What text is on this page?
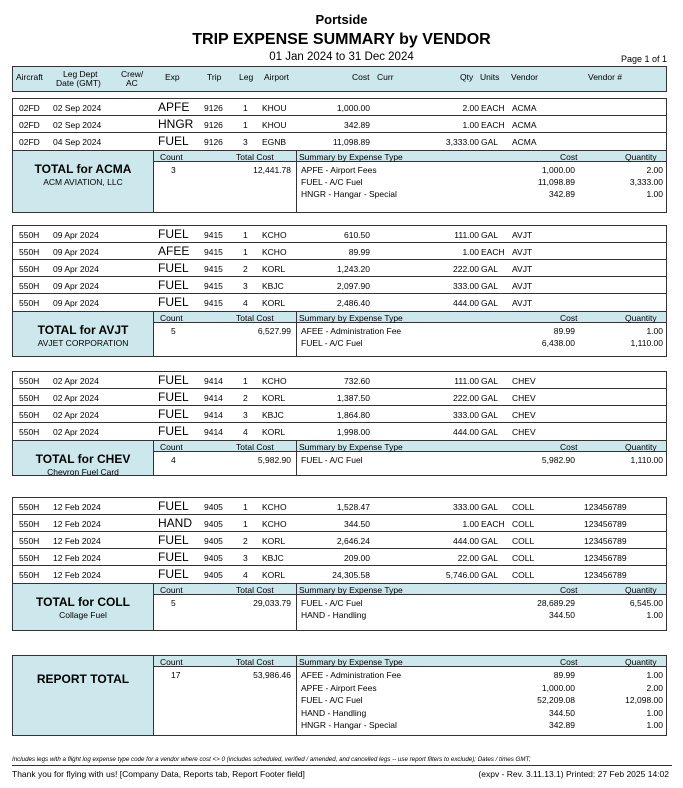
Portside
TRIP EXPENSE SUMMARY by VENDOR
01 Jan 2024 to 31 Dec 2024	Page 1 of 1
Aircraft Leg Dept
Date (GMT)
Crew/
AC
Exp	Trip Leg Airport	Cost Curr	Qty Units Vendor	Vendor #
02FD 02 Sep 2024	APFE 9126 1 KHOU	1,000.00	2.00 EACH ACMA
02FD 02 Sep 2024	HNGR 9126 1 KHOU	342.89	1.00 EACH ACMA
02FD 04 Sep 2024	FUEL 9126 3 EGNB	11,098.89	3,333.00 GAL ACMA
TOTAL for ACMA
ACM AVIATION, LLC
Count	Total Cost	Summary by Expense Type	Cost	Quantity
3	12,441.78 APFE - Airport Fees	1,000.00	2.00
FUEL - A/C Fuel	11,098.89	3,333.00
HNGR - Hangar - Special	342.89	1.00
550H 09 Apr 2024	FUEL 9415 1 KCHO	610.50	111.00 GAL AVJT
550H 09 Apr 2024	AFEE 9415 1 KCHO	89.99	1.00 EACH AVJT
550H 09 Apr 2024	FUEL 9415 2 KORL	1,243.20	222.00 GAL AVJT
550H 09 Apr 2024	FUEL 9415 3 KBJC	2,097.90	333.00 GAL AVJT
550H 09 Apr 2024	FUEL 9415 4 KORL	2,486.40	444.00 GAL AVJT
TOTAL for AVJT
AVJET CORPORATION
Count	Total Cost	Summary by Expense Type	Cost	Quantity
5	6,527.99 AFEE - Administration Fee	89.99	1.00
FUEL - A/C Fuel	6,438.00	1,110.00
550H 02 Apr 2024	FUEL 9414 1 KCHO	732.60	111.00 GAL CHEV
550H 02 Apr 2024	FUEL 9414 2 KORL	1,387.50	222.00 GAL CHEV
550H 02 Apr 2024	FUEL 9414 3 KBJC	1,864.80	333.00 GAL CHEV
550H 02 Apr 2024	FUEL 9414 4 KORL	1,998.00	444.00 GAL CHEV
TOTAL for CHEV
Chevron Fuel Card
Count	Total Cost	Summary by Expense Type	Cost	Quantity
4	5,982.90 FUEL - A/C Fuel	5,982.90	1,110.00
550H 12 Feb 2024	FUEL 9405 1 KCHO	1,528.47	333.00 GAL COLL	123456789
550H 12 Feb 2024	HAND 9405 1 KCHO	344.50	1.00 EACH COLL	123456789
550H 12 Feb 2024	FUEL 9405 2 KORL	2,646.24	444.00 GAL COLL	123456789
550H 12 Feb 2024	FUEL 9405 3 KBJC	209.00	22.00 GAL COLL	123456789
550H 12 Feb 2024	FUEL 9405 4 KORL	24,305.58	5,746.00 GAL COLL	123456789
TOTAL for COLL
Collage Fuel
Count	Total Cost	Summary by Expense Type	Cost	Quantity
5	29,033.79 FUEL - A/C Fuel	28,689.29	6,545.00
HAND - Handling	344.50	1.00
REPORT TOTAL
Count	Total Cost	Summary by Expense Type	Cost	Quantity
17	53,986.46 AFEE - Administration Fee	89.99	1.00
APFE - Airport Fees	1,000.00	2.00
FUEL - A/C Fuel	52,209.08	12,098.00
HAND - Handling	344.50	1.00
HNGR - Hangar - Special	342.89	1.00
Includes legs with a flight log expense type code for a vendor where cost <> 0 (includes scheduled, verified / amended, and cancelled legs -- use report filters to exclude); Dates / times GMT;
Thank you for flying with us! [Company Data, Reports tab, Report Footer field]	(expv - Rev. 3.11.13.1) Printed: 27 Feb 2025 14:02
